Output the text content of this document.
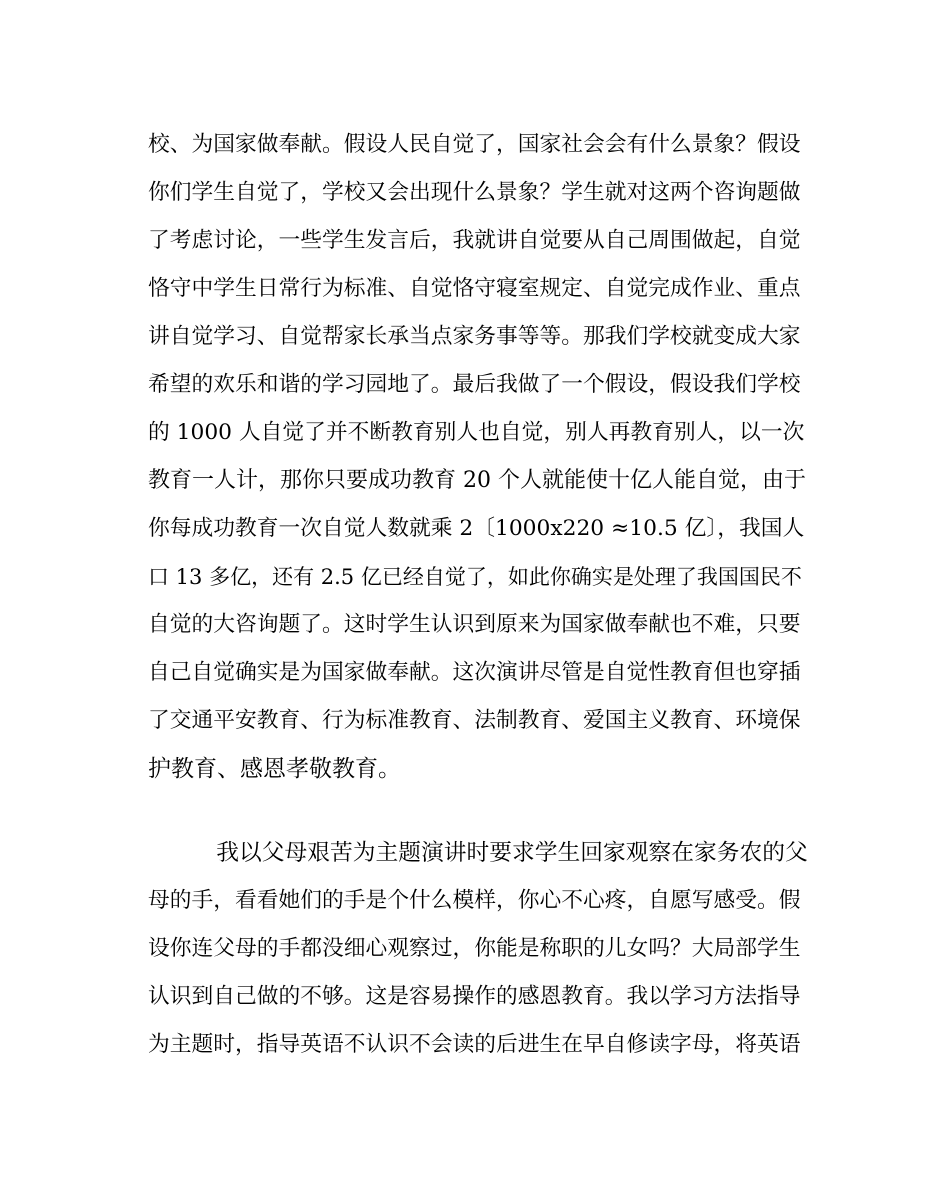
校、为国家做奉献。假设人民自觉了，国家社会会有什么景象？假设
你们学生自觉了，学校又会出现什么景象？学生就对这两个咨询题做
了考虑讨论，一些学生发言后，我就讲自觉要从自己周围做起，自觉
恪守中学生日常行为标准、自觉恪守寝室规定、自觉完成作业、重点
讲自觉学习、自觉帮家长承当点家务事等等。那我们学校就变成大家
希望的欢乐和谐的学习园地了。最后我做了一个假设，假设我们学校
的 1000 人自觉了并不断教育别人也自觉，别人再教育别人，以一次
教育一人计，那你只要成功教育 20 个人就能使十亿人能自觉，由于
你每成功教育一次自觉人数就乘 2〔1000x220 ≈10.5 亿〕，我国人
口 13 多亿，还有 2.5 亿已经自觉了，如此你确实是处理了我国国民不
自觉的大咨询题了。这时学生认识到原来为国家做奉献也不难，只要
自己自觉确实是为国家做奉献。这次演讲尽管是自觉性教育但也穿插
了交通平安教育、行为标准教育、法制教育、爱国主义教育、环境保
护教育、感恩孝敬教育。
　　　我以父母艰苦为主题演讲时要求学生回家观察在家务农的父
母的手，看看她们的手是个什么模样，你心不心疼，自愿写感受。假
设你连父母的手都没细心观察过，你能是称职的儿女吗？大局部学生
认识到自己做的不够。这是容易操作的感恩教育。我以学习方法指导
为主题时，指导英语不认识不会读的后进生在早自修读字母，将英语
